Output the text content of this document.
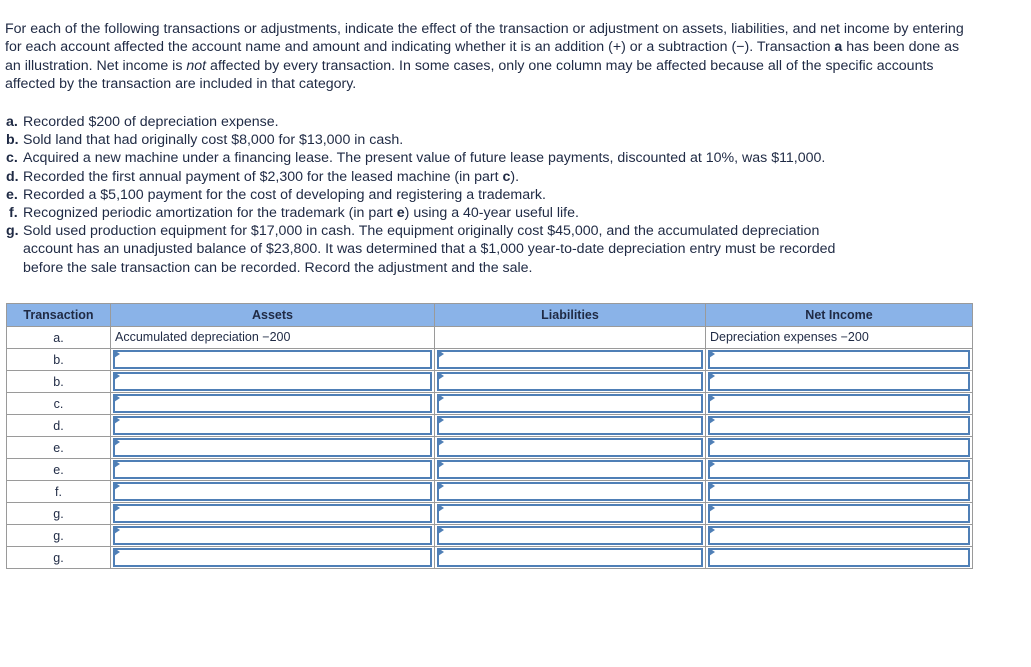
For each of the following transactions or adjustments, indicate the effect of the transaction or adjustment on assets, liabilities, and net income by entering for each account affected the account name and amount and indicating whether it is an addition (+) or a subtraction (−). Transaction a has been done as an illustration. Net income is not affected by every transaction. In some cases, only one column may be affected because all of the specific accounts affected by the transaction are included in that category.
a. Recorded $200 of depreciation expense.
b. Sold land that had originally cost $8,000 for $13,000 in cash.
c. Acquired a new machine under a financing lease. The present value of future lease payments, discounted at 10%, was $11,000.
d. Recorded the first annual payment of $2,300 for the leased machine (in part c).
e. Recorded a $5,100 payment for the cost of developing and registering a trademark.
f. Recognized periodic amortization for the trademark (in part e) using a 40-year useful life.
g. Sold used production equipment for $17,000 in cash. The equipment originally cost $45,000, and the accumulated depreciation
account has an unadjusted balance of $23,800. It was determined that a $1,000 year-to-date depreciation entry must be recorded
before the sale transaction can be recorded. Record the adjustment and the sale.
Transaction	Assets	Liabilities	Net Income
a.	Accumulated depreciation −200		Depreciation expenses −200

b.	

b.	

c.	

d.	

e.	

e.	

f.	

g.	

g.	

g.	
